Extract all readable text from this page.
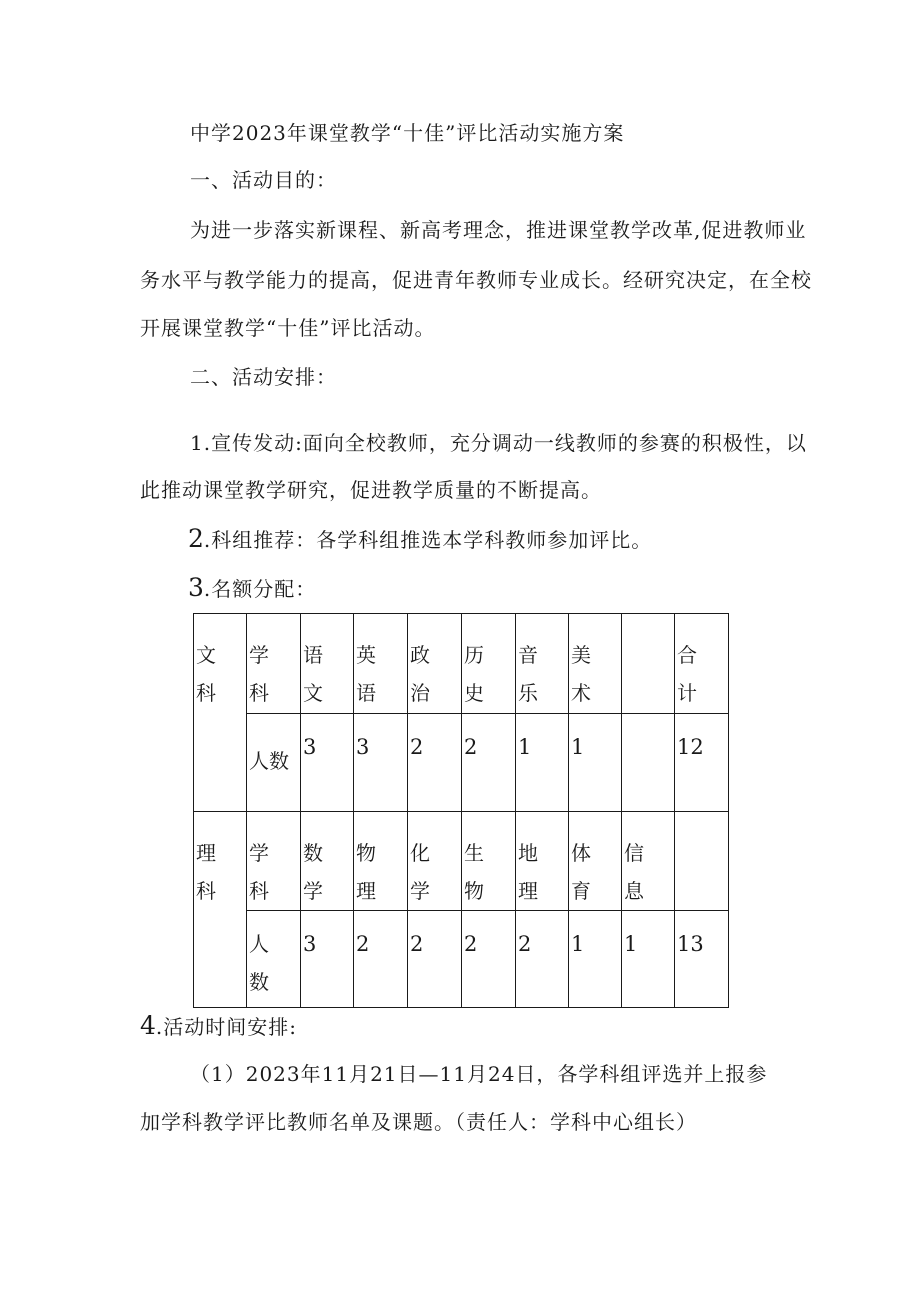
中学2023年课堂教学“十佳”评比活动实施方案
一、活动目的：
为进一步落实新课程、新高考理念，推进课堂教学改革,促进教师业
务水平与教学能力的提高，促进青年教师专业成长。经研究决定，在全校
开展课堂教学“十佳”评比活动。
二、活动安排：
1.宣传发动:面向全校教师，充分调动一线教师的参赛的积极性，以
此推动课堂教学研究，促进教学质量的不断提高。
2.科组推荐：各学科组推选本学科教师参加评比。
3.名额分配：
文科	学科	语文	英语	政治	历史	音乐	美术		合计

	人数	3	3	2	2	1	1		12

理科	学科	数学	物理	化学	生物	地理	体育	信息	

	人数	3	2	2	2	2	1	1	13
4.活动时间安排:
（1）2023年11月21日—11月24日，各学科组评选并上报参
加学科教学评比教师名单及课题。（责任人：学科中心组长）
